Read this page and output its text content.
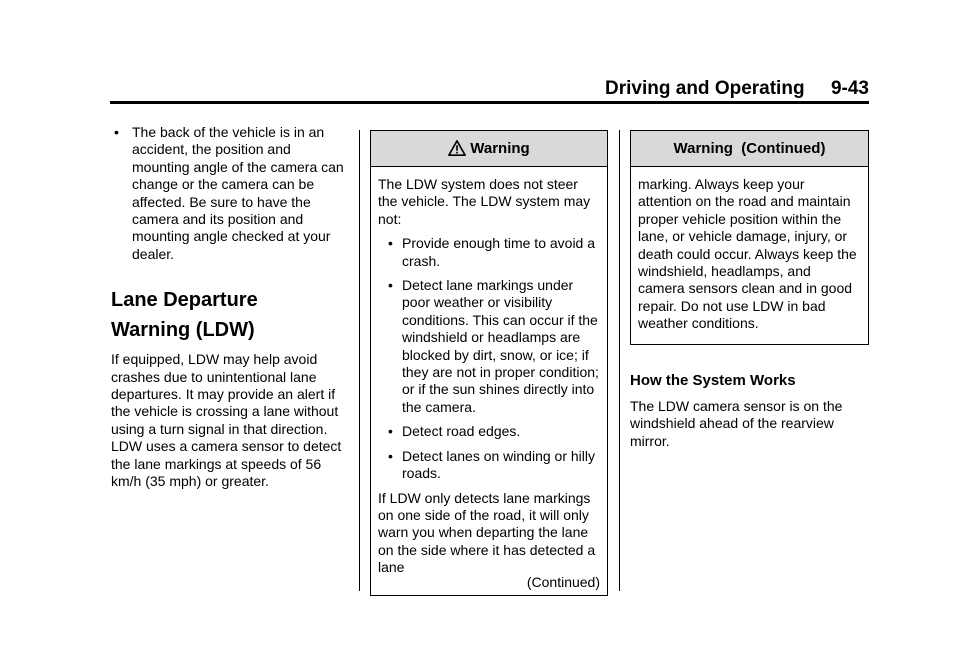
Driving and Operating 9-43
• The back of the vehicle is in an accident, the position and mounting angle of the camera can change or the camera can be affected. Be sure to have the camera and its position and mounting angle checked at your dealer.

Lane Departure
Warning (LDW)

If equipped, LDW may help avoid crashes due to unintentional lane departures. It may provide an alert if the vehicle is crossing a lane without using a turn signal in that direction. LDW uses a camera sensor to detect the lane markings at speeds of 56 km/h (35 mph) or greater.

Warning

The LDW system does not steer the vehicle. The LDW system may not:

• Provide enough time to avoid a crash.

• Detect lane markings under poor weather or visibility conditions. This can occur if the windshield or headlamps are blocked by dirt, snow, or ice; if they are not in proper condition; or if the sun shines directly into the camera.

• Detect road edges.

• Detect lanes on winding or hilly roads.

If LDW only detects lane markings on one side of the road, it will only warn you when departing the lane on the side where it has detected a lane

(Continued)
Warning  (Continued)

marking. Always keep your attention on the road and maintain proper vehicle position within the lane, or vehicle damage, injury, or death could occur. Always keep the windshield, headlamps, and camera sensors clean and in good repair. Do not use LDW in bad weather conditions.

How the System Works

The LDW camera sensor is on the windshield ahead of the rearview mirror.
